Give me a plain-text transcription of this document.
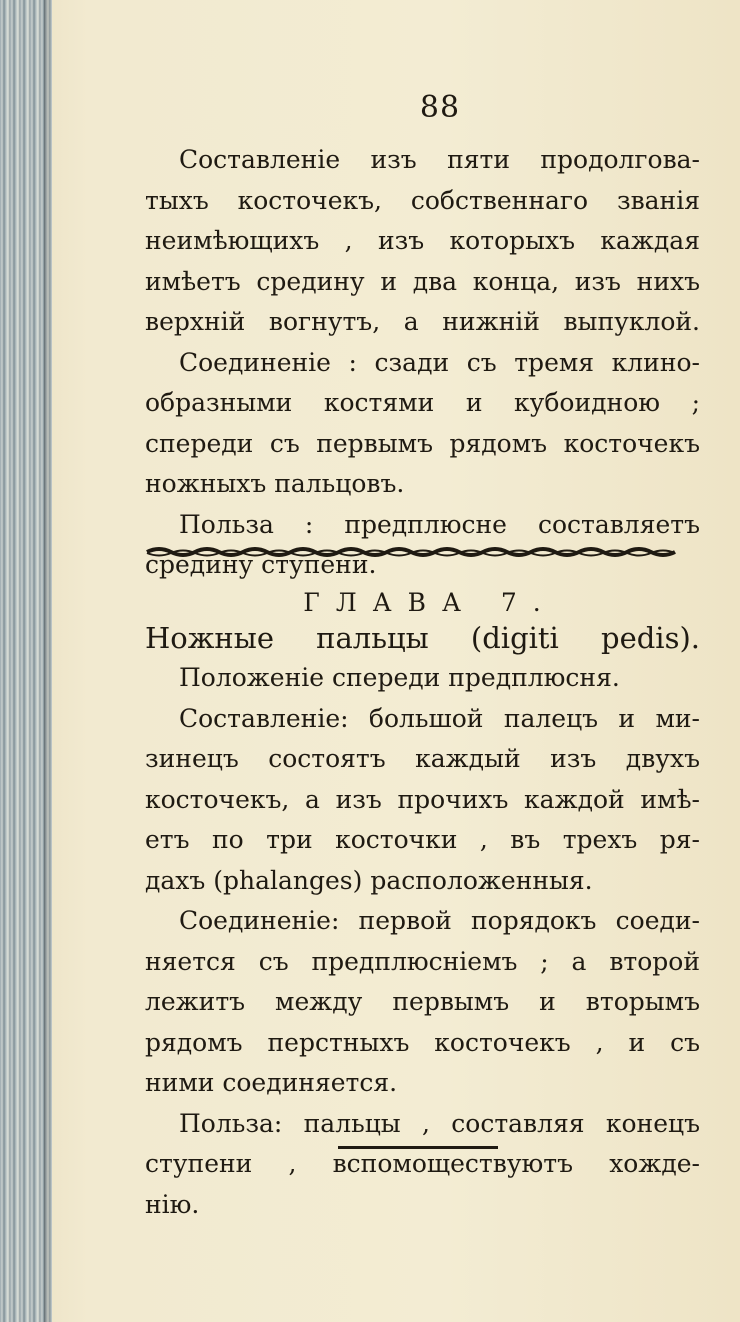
88
Составленіе изъ пяти продолгова-
тыхъ косточекъ, собственнаго званія
неимѣющихъ , изъ которыхъ каждая
имѣетъ средину и два конца, изъ нихъ
верхній вогнутъ, а нижній выпуклой.
Соединеніе : сзади съ тремя клино-
образными костями и кубоидною ;
спереди съ первымъ рядомъ косточекъ
ножныхъ пальцовъ.
Польза : предплюсне составляетъ
средину ступени.
ГЛАВА 7.
Ножные пальцы (digiti pedis).
Положеніе спереди предплюсня.
Составленіе: большой палецъ и ми-
зинецъ состоятъ каждый изъ двухъ
косточекъ, а изъ прочихъ каждой имѣ-
етъ по три косточки , въ трехъ ря-
дахъ (phalanges) расположенныя.
Соединеніе: первой порядокъ соеди-
няется съ предплюсніемъ ; а второй
лежитъ между первымъ и вторымъ
рядомъ перстныхъ косточекъ , и съ
ними соединяется.
Польза: пальцы , составляя конецъ
ступени , вспомоществуютъ хожде-
нію.
